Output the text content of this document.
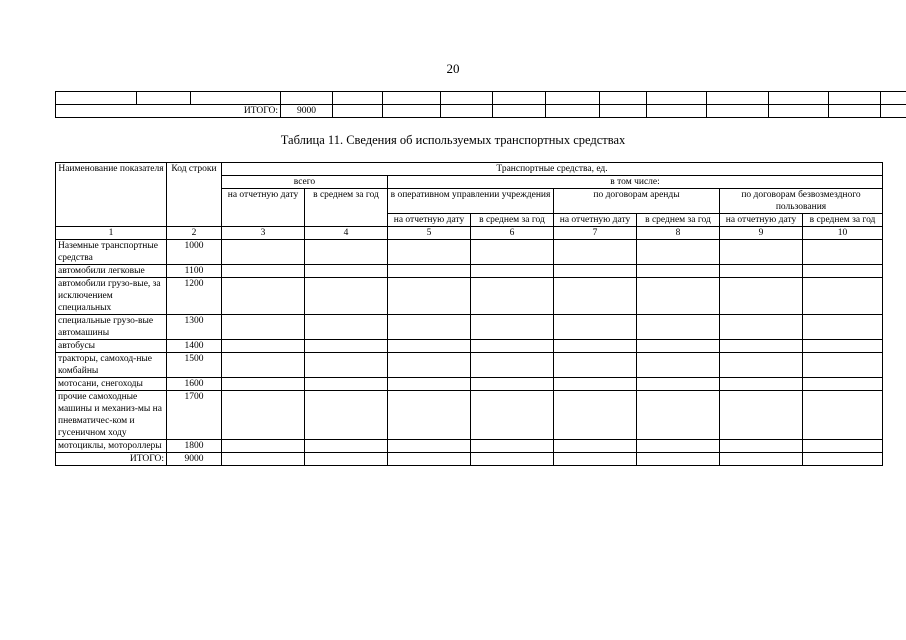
20

ИТОГО:			9000											
Таблица 11. Сведения об используемых транспортных средствах
Наименование показателя	Код строки	Транспортные средства, ед.							
		всего		в том числе:					
		на отчетную дату	в среднем за год	в оперативном управлении учреждения		по договорам аренды		по договорам безвозмездного пользования	
				на отчетную дату	в среднем за год	на отчетную дату	в среднем за год	на отчетную дату	в среднем за год
1	2	3	4	5	6	7	8	9	10
Наземные транспортные средства	1000								
автомобили легковые	1100								
автомобили грузо-вые, за исключением специальных	1200								
специальные грузо-вые автомашины	1300								
автобусы	1400								
тракторы, самоход-ные комбайны	1500								
мотосани, снегоходы	1600								
прочие самоходные машины и механиз-мы на пневматичес-ком и гусеничном ходу	1700								
мотоциклы, мотороллеры	1800								
ИТОГО:	9000								
